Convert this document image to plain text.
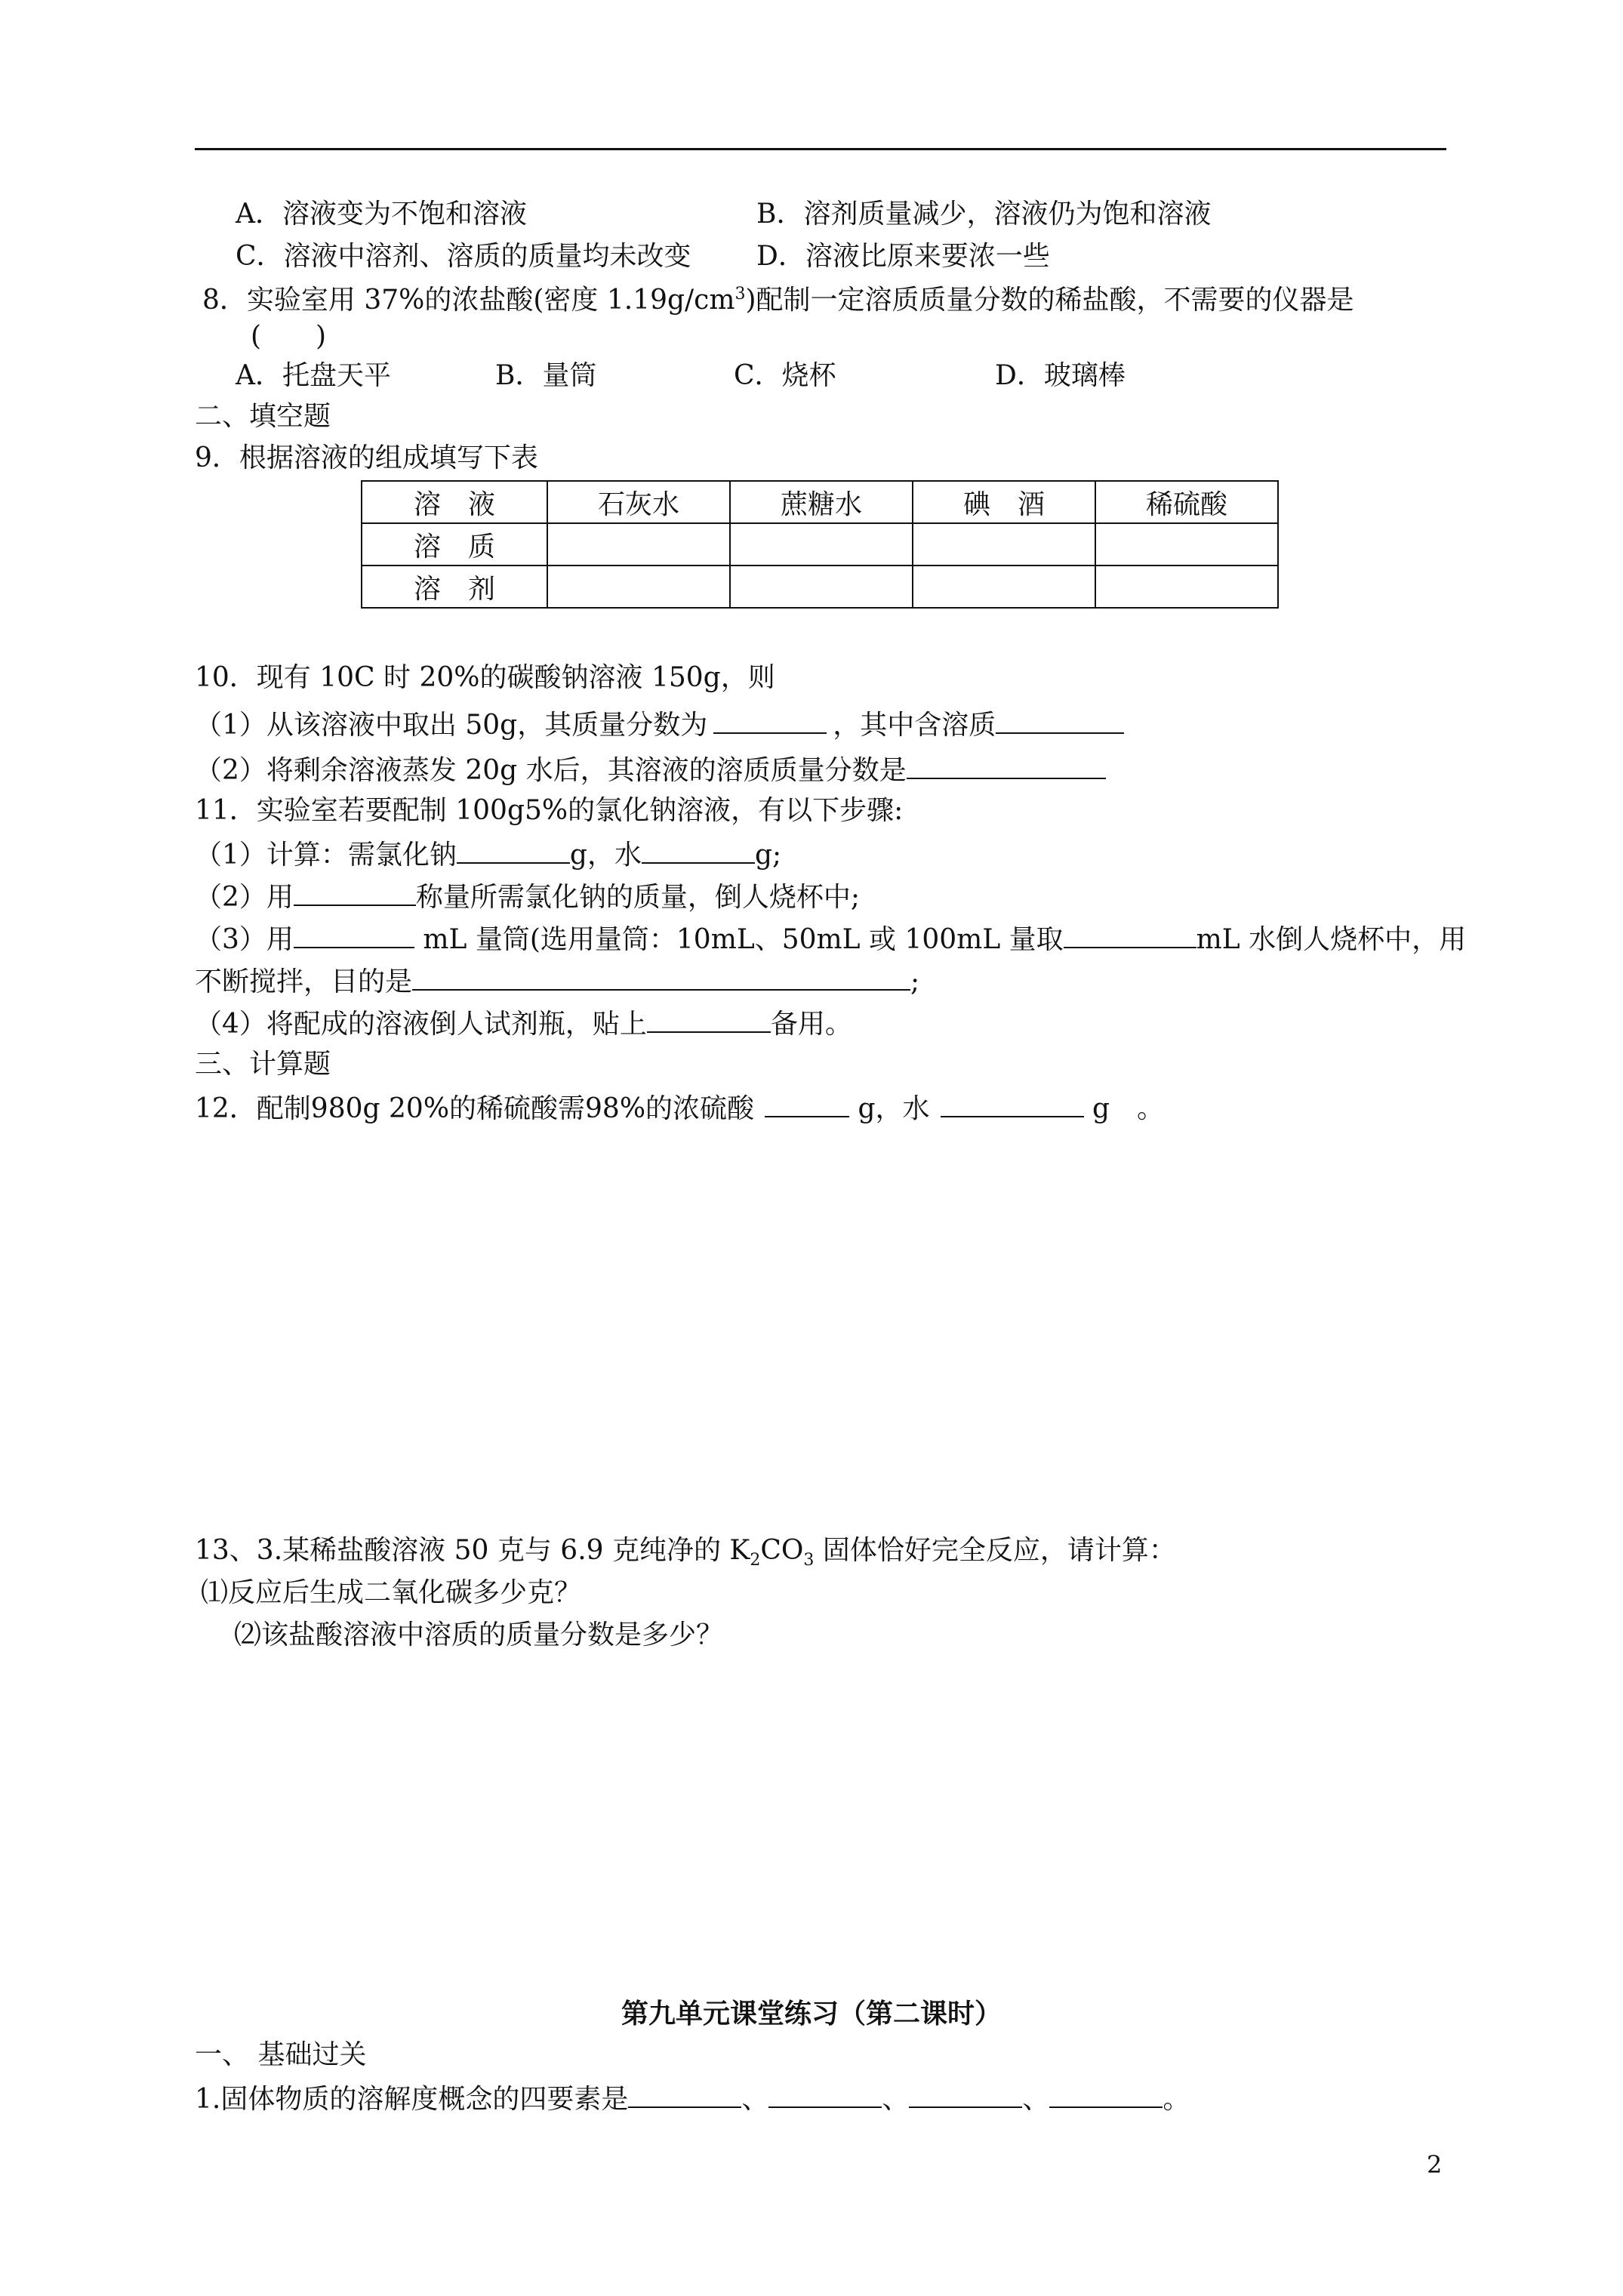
A．溶液变为不饱和溶液	B．溶剂质量减少，溶液仍为饱和溶液
C．溶液中溶剂、溶质的质量均未改变 D．溶液比原来要浓一些
8．实验室用 37%的浓盐酸(密度 $1.19g/cm^3$)配制一定溶质质量分数的稀盐酸，不需要的仪器是
(　　)
A．托盘天平	B．量筒	C．烧杯	D．玻璃棒
二、填空题
9．根据溶液的组成填写下表
溶　液	石灰水	蔗糖水	碘　酒	稀硫酸
溶　质				
溶　剂				
10．现有 10C 时 20%的碳酸钠溶液 150g，则
（1）从该溶液中取出 50g，其质量分数为	，其中含溶质
（2）将剩余溶液蒸发 20g 水后，其溶液的溶质质量分数是
11．实验室若要配制 100g5%的氯化钠溶液，有以下步骤:
（1）计算：需氯化钠	g，水	g;
（2）用	称量所需氯化钠的质量，倒人烧杯中;
（3）用	mL 量筒(选用量筒：10mL、50mL 或 100mL 量取	mL 水倒人烧杯中，用
不断搅拌，目的是	;
（4）将配成的溶液倒人试剂瓶，贴上	备用。
三、计算题
12．配制980g 20%的稀硫酸需98%的浓硫酸	g，水	g　。
13、3.某稀盐酸溶液 50 克与 6.9 克纯净的 $K_2CO_3$ 固体恰好完全反应，请计算：
⑴反应后生成二氧化碳多少克？
⑵该盐酸溶液中溶质的质量分数是多少？
第九单元课堂练习（第二课时）
一、 基础过关
1.固体物质的溶解度概念的四要素是	、	、	、	。
2
